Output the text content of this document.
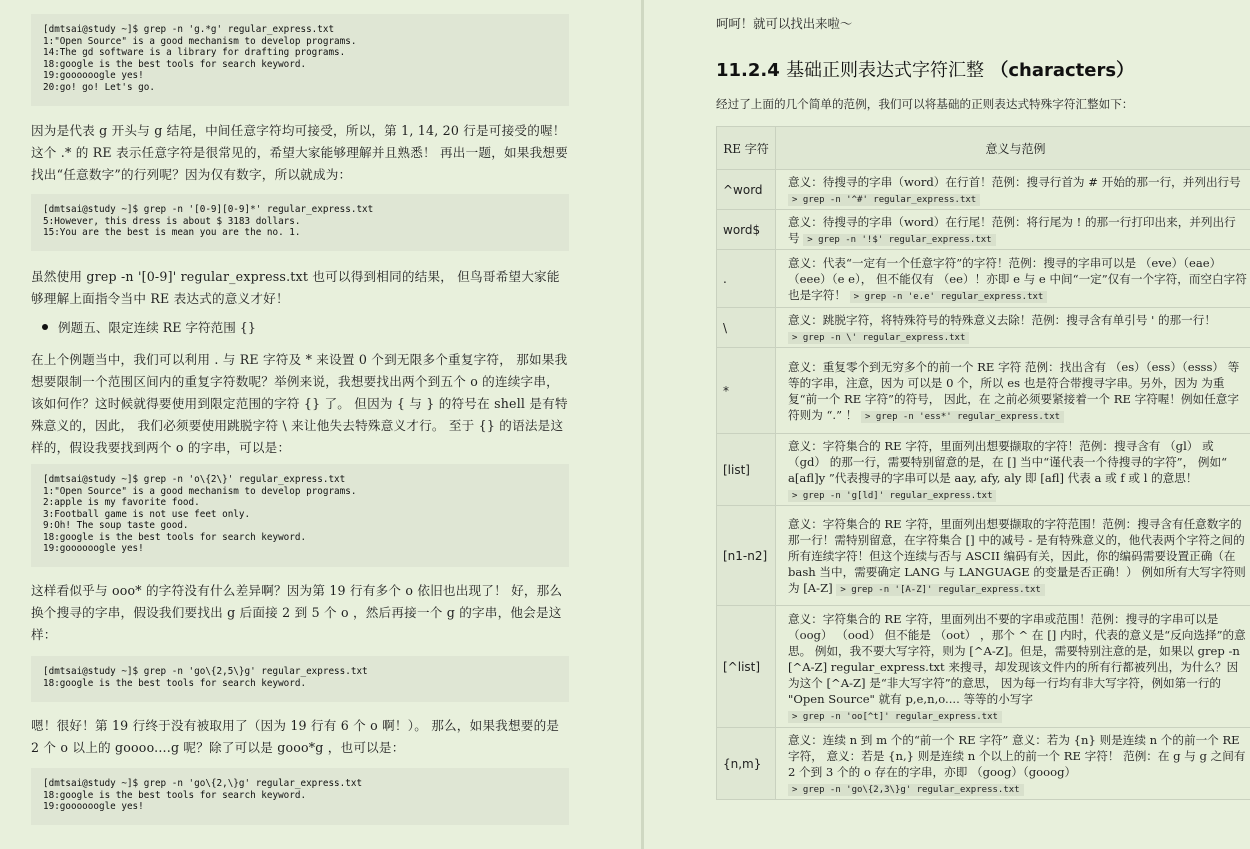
[dmtsai@study ~]$ grep -n 'g.*g' regular_express.txt
1:"Open Source" is a good mechanism to develop programs.
14:The gd software is a library for drafting programs.
18:google is the best tools for search keyword.
19:goooooogle yes!
20:go! go! Let's go.
因为是代表 g 开头与 g 结尾，中间任意字符均可接受，所以，第 1, 14, 20 行是可接受的喔！这个 .* 的 RE 表示任意字符是很常见的，希望大家能够理解并且熟悉！ 再出一题，如果我想要找出“任意数字”的行列呢？因为仅有数字，所以就成为：
[dmtsai@study ~]$ grep -n '[0-9][0-9]*' regular_express.txt
5:However, this dress is about $ 3183 dollars.
15:You are the best is mean you are the no. 1.
虽然使用 grep -n '[0-9]' regular_express.txt 也可以得到相同的结果， 但鸟哥希望大家能够理解上面指令当中 RE 表达式的意义才好！
例题五、限定连续 RE 字符范围 {}
在上个例题当中，我们可以利用 . 与 RE 字符及 * 来设置 0 个到无限多个重复字符， 那如果我想要限制一个范围区间内的重复字符数呢？举例来说，我想要找出两个到五个 o 的连续字串，该如何作？这时候就得要使用到限定范围的字符 {} 了。 但因为 { 与 } 的符号在 shell 是有特殊意义的，因此， 我们必须要使用跳脱字符 \ 来让他失去特殊意义才行。 至于 {} 的语法是这样的，假设我要找到两个 o 的字串，可以是：
[dmtsai@study ~]$ grep -n 'o\{2\}' regular_express.txt
1:"Open Source" is a good mechanism to develop programs.
2:apple is my favorite food.
3:Football game is not use feet only.
9:Oh! The soup taste good.
18:google is the best tools for search keyword.
19:goooooogle yes!
这样看似乎与 ooo* 的字符没有什么差异啊？因为第 19 行有多个 o 依旧也出现了！ 好，那么换个搜寻的字串，假设我们要找出 g 后面接 2 到 5 个 o ，然后再接一个 g 的字串，他会是这样：
[dmtsai@study ~]$ grep -n 'go\{2,5\}g' regular_express.txt
18:google is the best tools for search keyword.
嗯！很好！第 19 行终于没有被取用了（因为 19 行有 6 个 o 啊！）。 那么，如果我想要的是 2 个 o 以上的 goooo....g 呢？除了可以是 gooo*g ，也可以是：
[dmtsai@study ~]$ grep -n 'go\{2,\}g' regular_express.txt
18:google is the best tools for search keyword.
19:goooooogle yes!
呵呵！就可以找出来啦～
11.2.4 基础正则表达式字符汇整 （characters）
经过了上面的几个简单的范例，我们可以将基础的正则表达式特殊字符汇整如下：
RE 字符	意义与范例
^word	意义：待搜寻的字串（word）在行首！范例：搜寻行首为 # 开始的那一行，并列出行号 > grep -n '^#' regular_express.txt
word$	意义：待搜寻的字串（word）在行尾！范例：将行尾为 ! 的那一行打印出来，并列出行号 > grep -n '!$' regular_express.txt
.	意义：代表“一定有一个任意字符”的字符！范例：搜寻的字串可以是 （eve）（eae）（eee）（e e）， 但不能仅有 （ee）！亦即 e 与 e 中间“一定”仅有一个字符，而空白字符也是字符！ > grep -n 'e.e' regular_express.txt
\	意义：跳脱字符，将特殊符号的特殊意义去除！范例：搜寻含有单引号 ' 的那一行！ > grep -n \' regular_express.txt
*	意义：重复零个到无穷多个的前一个 RE 字符 范例：找出含有 （es）（ess）（esss） 等等的字串，注意，因为 可以是 0 个，所以 es 也是符合带搜寻字串。另外，因为 为重复“前一个 RE 字符”的符号， 因此，在 之前必须要紧接着一个 RE 字符喔！例如任意字符则为 “.” ！ > grep -n 'ess*' regular_express.txt
[list]	意义：字符集合的 RE 字符，里面列出想要撷取的字符！范例：搜寻含有 （gl） 或 （gd） 的那一行，需要特别留意的是，在 [] 当中“谨代表一个待搜寻的字符”， 例如“ a[afl]y ”代表搜寻的字串可以是 aay, afy, aly 即 [afl] 代表 a 或 f 或 l 的意思！ > grep -n 'g[ld]' regular_express.txt
[n1-n2]	意义：字符集合的 RE 字符，里面列出想要撷取的字符范围！范例：搜寻含有任意数字的那一行！需特别留意，在字符集合 [] 中的减号 - 是有特殊意义的，他代表两个字符之间的所有连续字符！但这个连续与否与 ASCII 编码有关，因此，你的编码需要设置正确（在 bash 当中，需要确定 LANG 与 LANGUAGE 的变量是否正确！） 例如所有大写字符则为 [A-Z] > grep -n '[A-Z]' regular_express.txt
[^list]	意义：字符集合的 RE 字符，里面列出不要的字串或范围！范例：搜寻的字串可以是 （oog） （ood） 但不能是 （oot） ，那个 ^ 在 [] 内时，代表的意义是“反向选择”的意思。 例如，我不要大写字符，则为 [^A-Z]。但是，需要特别注意的是，如果以 grep -n [^A-Z] regular_express.txt 来搜寻，却发现该文件内的所有行都被列出，为什么？因为这个 [^A-Z] 是“非大写字符”的意思， 因为每一行均有非大写字符，例如第一行的 "Open Source" 就有 p,e,n,o.... 等等的小写字 > grep -n 'oo[^t]' regular_express.txt
{n,m}	意义：连续 n 到 m 个的“前一个 RE 字符” 意义：若为 {n} 则是连续 n 个的前一个 RE 字符， 意义：若是 {n,} 则是连续 n 个以上的前一个 RE 字符！ 范例：在 g 与 g 之间有 2 个到 3 个的 o 存在的字串，亦即 （goog）（gooog） > grep -n 'go\{2,3\}g' regular_express.txt
